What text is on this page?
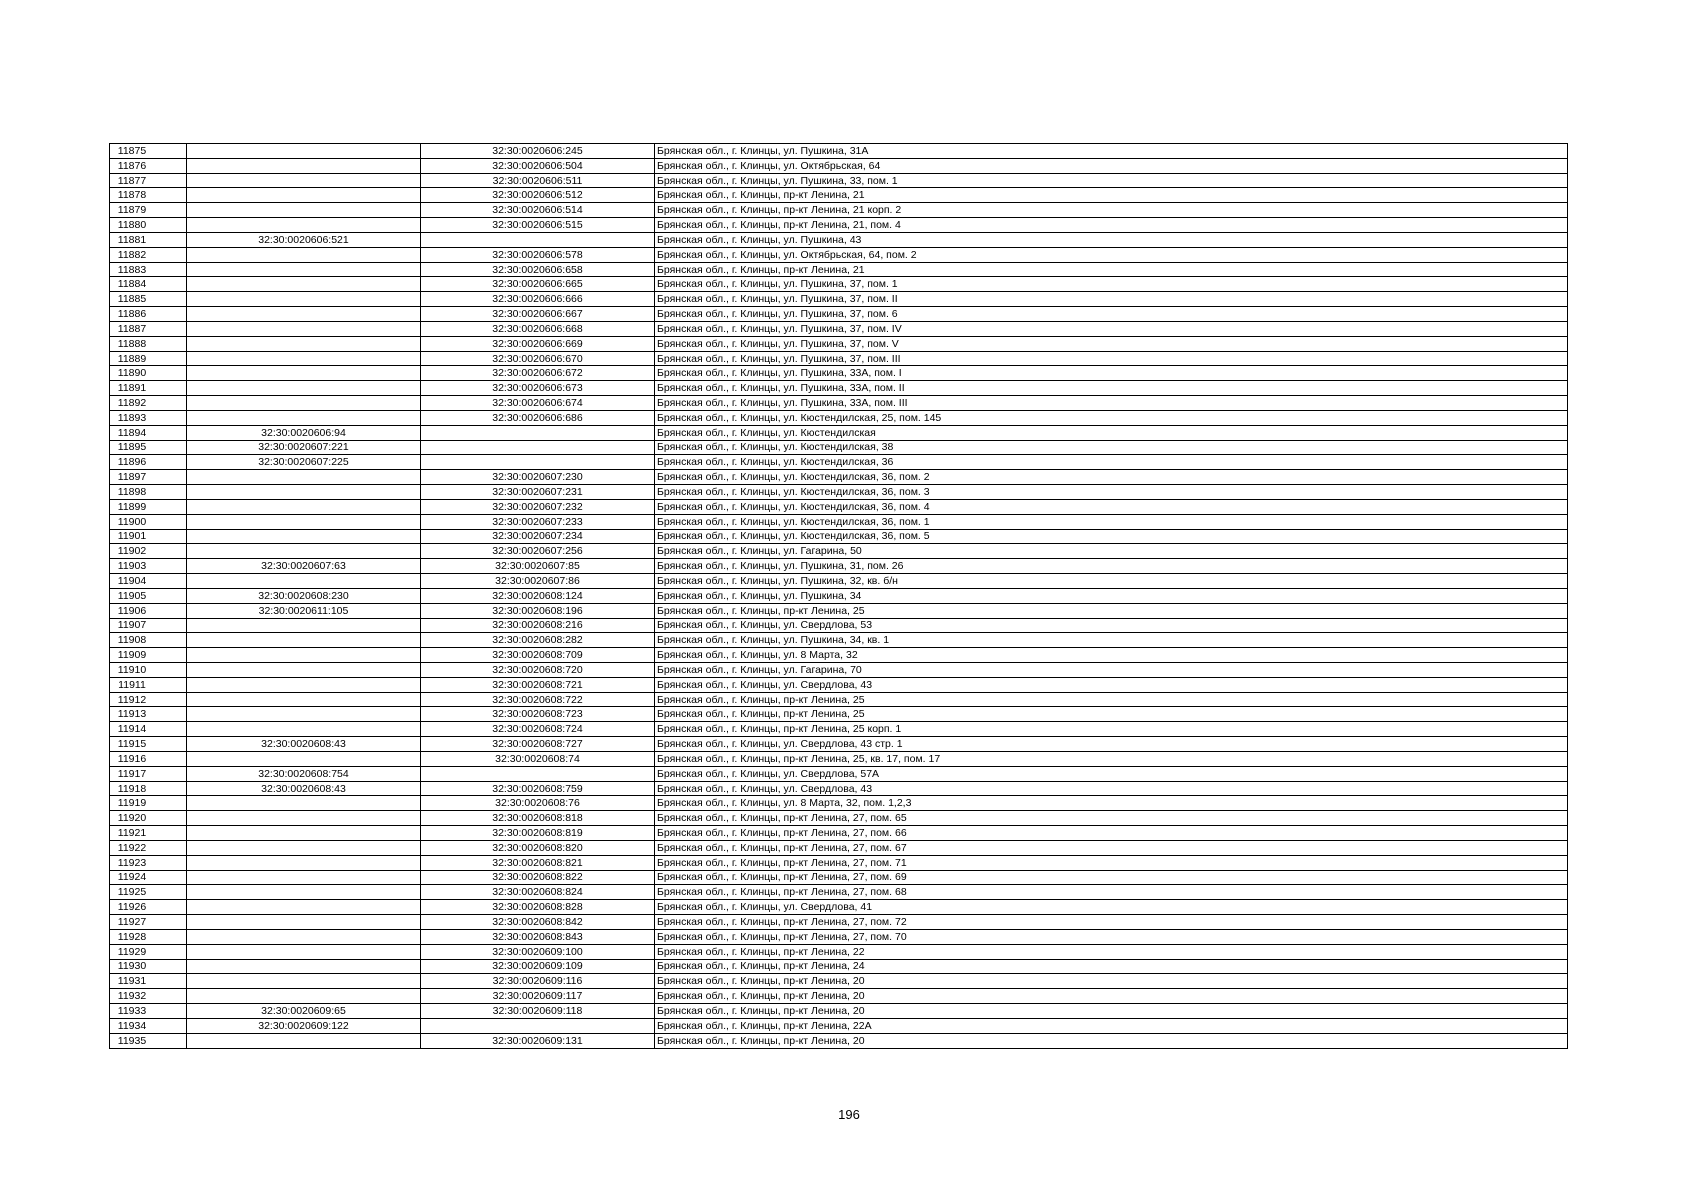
11875		32:30:0020606:245	Брянская обл., г. Клинцы, ул. Пушкина, 31А
11876		32:30:0020606:504	Брянская обл., г. Клинцы, ул. Октябрьская, 64
11877		32:30:0020606:511	Брянская обл., г. Клинцы, ул. Пушкина, 33, пом. 1
11878		32:30:0020606:512	Брянская обл., г. Клинцы, пр-кт Ленина, 21
11879		32:30:0020606:514	Брянская обл., г. Клинцы, пр-кт Ленина, 21 корп. 2
11880		32:30:0020606:515	Брянская обл., г. Клинцы, пр-кт Ленина, 21, пом. 4
11881	32:30:0020606:521		Брянская обл., г. Клинцы, ул. Пушкина, 43
11882		32:30:0020606:578	Брянская обл., г. Клинцы, ул. Октябрьская, 64, пом. 2
11883		32:30:0020606:658	Брянская обл., г. Клинцы, пр-кт Ленина, 21
11884		32:30:0020606:665	Брянская обл., г. Клинцы, ул. Пушкина, 37, пом. 1
11885		32:30:0020606:666	Брянская обл., г. Клинцы, ул. Пушкина, 37, пом. II
11886		32:30:0020606:667	Брянская обл., г. Клинцы, ул. Пушкина, 37, пом. 6
11887		32:30:0020606:668	Брянская обл., г. Клинцы, ул. Пушкина, 37, пом. IV
11888		32:30:0020606:669	Брянская обл., г. Клинцы, ул. Пушкина, 37, пом. V
11889		32:30:0020606:670	Брянская обл., г. Клинцы, ул. Пушкина, 37, пом. III
11890		32:30:0020606:672	Брянская обл., г. Клинцы, ул. Пушкина, 33А, пом. I
11891		32:30:0020606:673	Брянская обл., г. Клинцы, ул. Пушкина, 33А, пом. II
11892		32:30:0020606:674	Брянская обл., г. Клинцы, ул. Пушкина, 33А, пом. III
11893		32:30:0020606:686	Брянская обл., г. Клинцы, ул. Кюстендилская, 25, пом. 145
11894	32:30:0020606:94		Брянская обл., г. Клинцы, ул. Кюстендилская
11895	32:30:0020607:221		Брянская обл., г. Клинцы, ул. Кюстендилская, 38
11896	32:30:0020607:225		Брянская обл., г. Клинцы, ул. Кюстендилская, 36
11897		32:30:0020607:230	Брянская обл., г. Клинцы, ул. Кюстендилская, 36, пом. 2
11898		32:30:0020607:231	Брянская обл., г. Клинцы, ул. Кюстендилская, 36, пом. 3
11899		32:30:0020607:232	Брянская обл., г. Клинцы, ул. Кюстендилская, 36, пом. 4
11900		32:30:0020607:233	Брянская обл., г. Клинцы, ул. Кюстендилская, 36, пом. 1
11901		32:30:0020607:234	Брянская обл., г. Клинцы, ул. Кюстендилская, 36, пом. 5
11902		32:30:0020607:256	Брянская обл., г. Клинцы, ул. Гагарина, 50
11903	32:30:0020607:63	32:30:0020607:85	Брянская обл., г. Клинцы, ул. Пушкина, 31, пом. 26
11904		32:30:0020607:86	Брянская обл., г. Клинцы, ул. Пушкина, 32, кв. б/н
11905	32:30:0020608:230	32:30:0020608:124	Брянская обл., г. Клинцы, ул. Пушкина, 34
11906	32:30:0020611:105	32:30:0020608:196	Брянская обл., г. Клинцы, пр-кт Ленина, 25
11907		32:30:0020608:216	Брянская обл., г. Клинцы, ул. Свердлова, 53
11908		32:30:0020608:282	Брянская обл., г. Клинцы, ул. Пушкина, 34, кв. 1
11909		32:30:0020608:709	Брянская обл., г. Клинцы, ул. 8 Марта, 32
11910		32:30:0020608:720	Брянская обл., г. Клинцы, ул. Гагарина, 70
11911		32:30:0020608:721	Брянская обл., г. Клинцы, ул. Свердлова, 43
11912		32:30:0020608:722	Брянская обл., г. Клинцы, пр-кт Ленина, 25
11913		32:30:0020608:723	Брянская обл., г. Клинцы, пр-кт Ленина, 25
11914		32:30:0020608:724	Брянская обл., г. Клинцы, пр-кт Ленина, 25 корп. 1
11915	32:30:0020608:43	32:30:0020608:727	Брянская обл., г. Клинцы, ул. Свердлова, 43 стр. 1
11916		32:30:0020608:74	Брянская обл., г. Клинцы, пр-кт Ленина, 25, кв. 17, пом. 17
11917	32:30:0020608:754		Брянская обл., г. Клинцы, ул. Свердлова, 57А
11918	32:30:0020608:43	32:30:0020608:759	Брянская обл., г. Клинцы, ул. Свердлова, 43
11919		32:30:0020608:76	Брянская обл., г. Клинцы, ул. 8 Марта, 32, пом. 1,2,3
11920		32:30:0020608:818	Брянская обл., г. Клинцы, пр-кт Ленина, 27, пом. 65
11921		32:30:0020608:819	Брянская обл., г. Клинцы, пр-кт Ленина, 27, пом. 66
11922		32:30:0020608:820	Брянская обл., г. Клинцы, пр-кт Ленина, 27, пом. 67
11923		32:30:0020608:821	Брянская обл., г. Клинцы, пр-кт Ленина, 27, пом. 71
11924		32:30:0020608:822	Брянская обл., г. Клинцы, пр-кт Ленина, 27, пом. 69
11925		32:30:0020608:824	Брянская обл., г. Клинцы, пр-кт Ленина, 27, пом. 68
11926		32:30:0020608:828	Брянская обл., г. Клинцы, ул. Свердлова, 41
11927		32:30:0020608:842	Брянская обл., г. Клинцы, пр-кт Ленина, 27, пом. 72
11928		32:30:0020608:843	Брянская обл., г. Клинцы, пр-кт Ленина, 27, пом. 70
11929		32:30:0020609:100	Брянская обл., г. Клинцы, пр-кт Ленина, 22
11930		32:30:0020609:109	Брянская обл., г. Клинцы, пр-кт Ленина, 24
11931		32:30:0020609:116	Брянская обл., г. Клинцы, пр-кт Ленина, 20
11932		32:30:0020609:117	Брянская обл., г. Клинцы, пр-кт Ленина, 20
11933	32:30:0020609:65	32:30:0020609:118	Брянская обл., г. Клинцы, пр-кт Ленина, 20
11934	32:30:0020609:122		Брянская обл., г. Клинцы, пр-кт Ленина, 22А
11935		32:30:0020609:131	Брянская обл., г. Клинцы, пр-кт Ленина, 20
196
